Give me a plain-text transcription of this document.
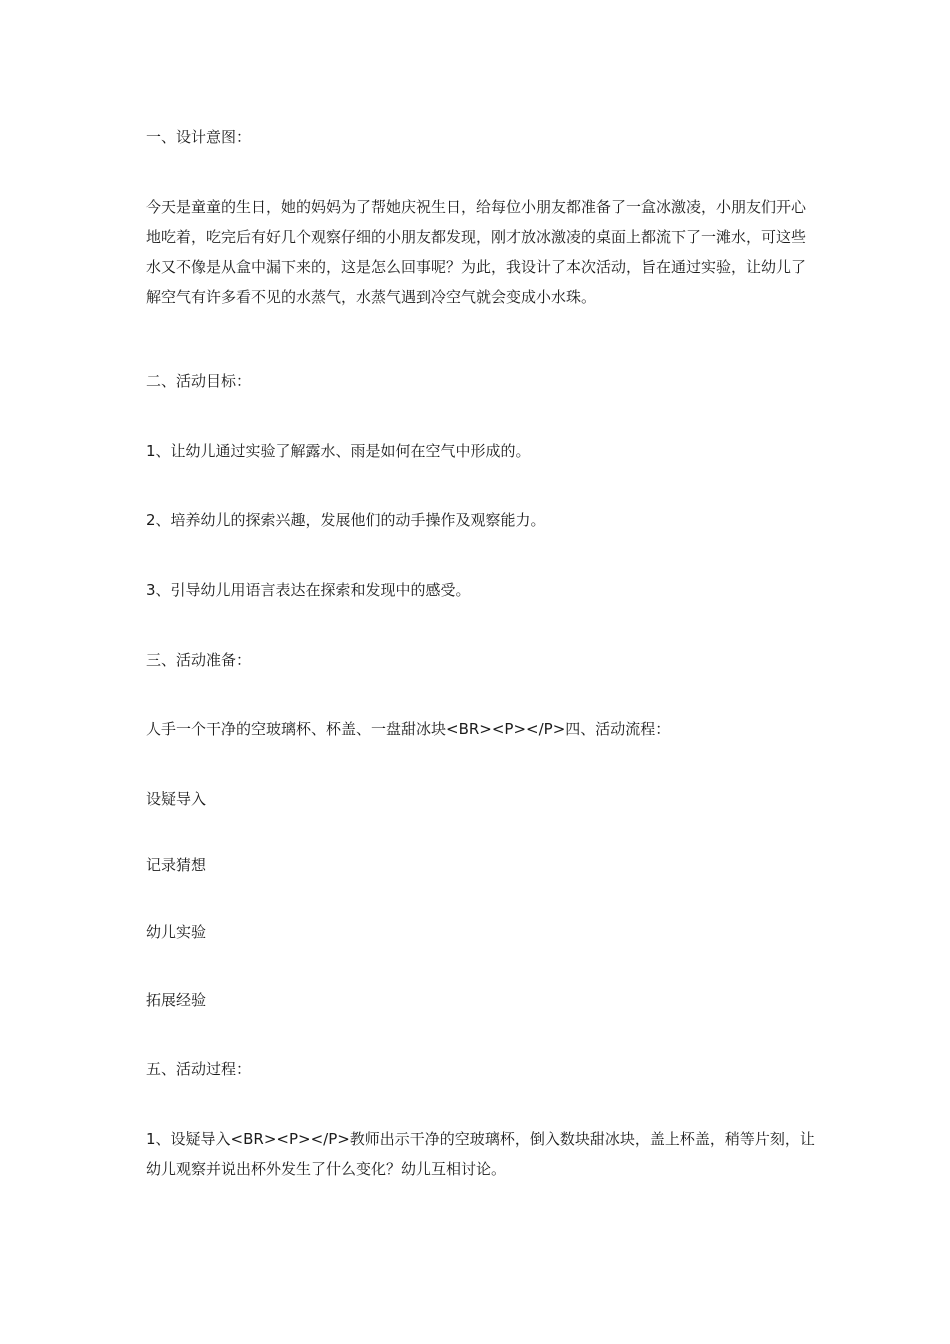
一、设计意图：

今天是童童的生日，她的妈妈为了帮她庆祝生日，给每位小朋友都准备了一盒冰激凌，小朋友们开心地吃着，吃完后有好几个观察仔细的小朋友都发现，刚才放冰激凌的桌面上都流下了一滩水，可这些水又不像是从盒中漏下来的，这是怎么回事呢？为此，我设计了本次活动，旨在通过实验，让幼儿了解空气有许多看不见的水蒸气，水蒸气遇到冷空气就会变成小水珠。

二、活动目标：

1、让幼儿通过实验了解露水、雨是如何在空气中形成的。

2、培养幼儿的探索兴趣，发展他们的动手操作及观察能力。

3、引导幼儿用语言表达在探索和发现中的感受。

三、活动准备：

人手一个干净的空玻璃杯、杯盖、一盘甜冰块<BR><P></P>四、活动流程：

设疑导入

记录猜想

幼儿实验

拓展经验

五、活动过程：

1、设疑导入<BR><P></P>教师出示干净的空玻璃杯，倒入数块甜冰块，盖上杯盖，稍等片刻，让幼儿观察并说出杯外发生了什么变化？幼儿互相讨论。
